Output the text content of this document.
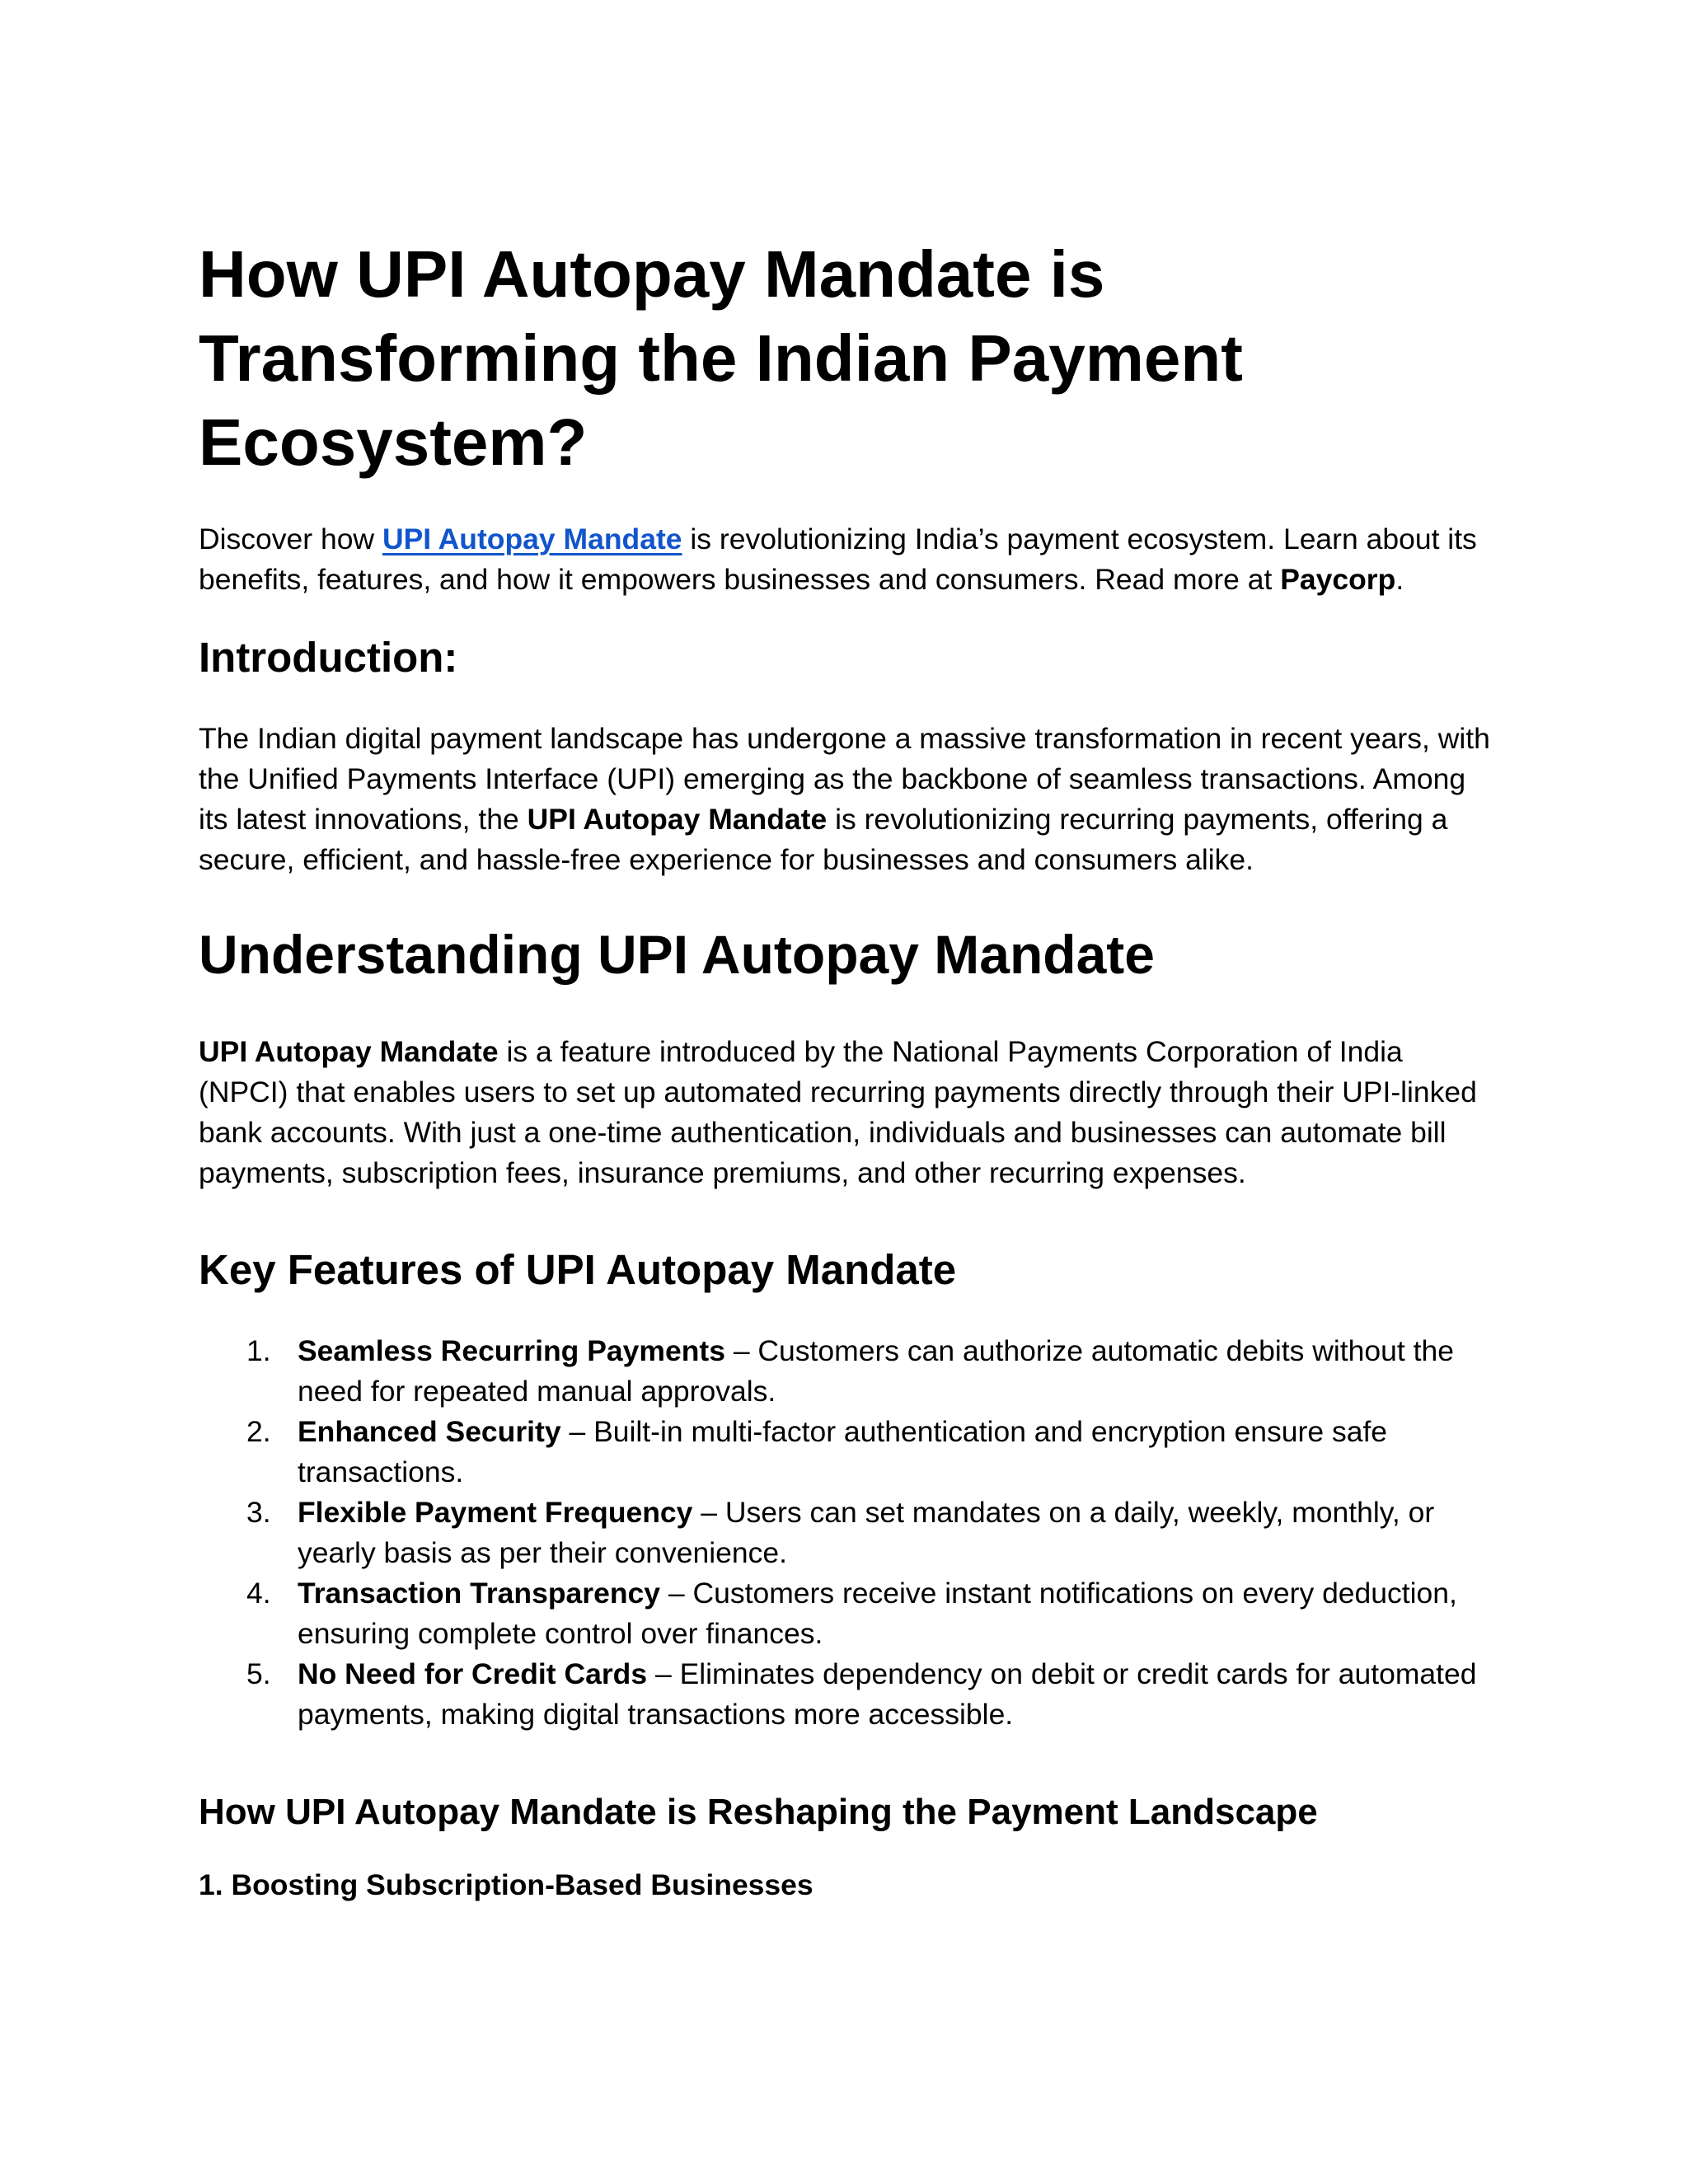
How UPI Autopay Mandate is Transforming the Indian Payment Ecosystem?

Discover how UPI Autopay Mandate is revolutionizing India’s payment ecosystem. Learn about its benefits, features, and how it empowers businesses and consumers. Read more at Paycorp.

Introduction:

The Indian digital payment landscape has undergone a massive transformation in recent years, with the Unified Payments Interface (UPI) emerging as the backbone of seamless transactions. Among its latest innovations, the UPI Autopay Mandate is revolutionizing recurring payments, offering a secure, efficient, and hassle-free experience for businesses and consumers alike.

Understanding UPI Autopay Mandate

UPI Autopay Mandate is a feature introduced by the National Payments Corporation of India (NPCI) that enables users to set up automated recurring payments directly through their UPI-linked bank accounts. With just a one-time authentication, individuals and businesses can automate bill payments, subscription fees, insurance premiums, and other recurring expenses.

Key Features of UPI Autopay Mandate
1. Seamless Recurring Payments – Customers can authorize automatic debits without the need for repeated manual approvals.
2. Enhanced Security – Built-in multi-factor authentication and encryption ensure safe transactions.
3. Flexible Payment Frequency – Users can set mandates on a daily, weekly, monthly, or yearly basis as per their convenience.
4. Transaction Transparency – Customers receive instant notifications on every deduction, ensuring complete control over finances.
5. No Need for Credit Cards – Eliminates dependency on debit or credit cards for automated payments, making digital transactions more accessible.
How UPI Autopay Mandate is Reshaping the Payment Landscape
1. Boosting Subscription-Based Businesses
